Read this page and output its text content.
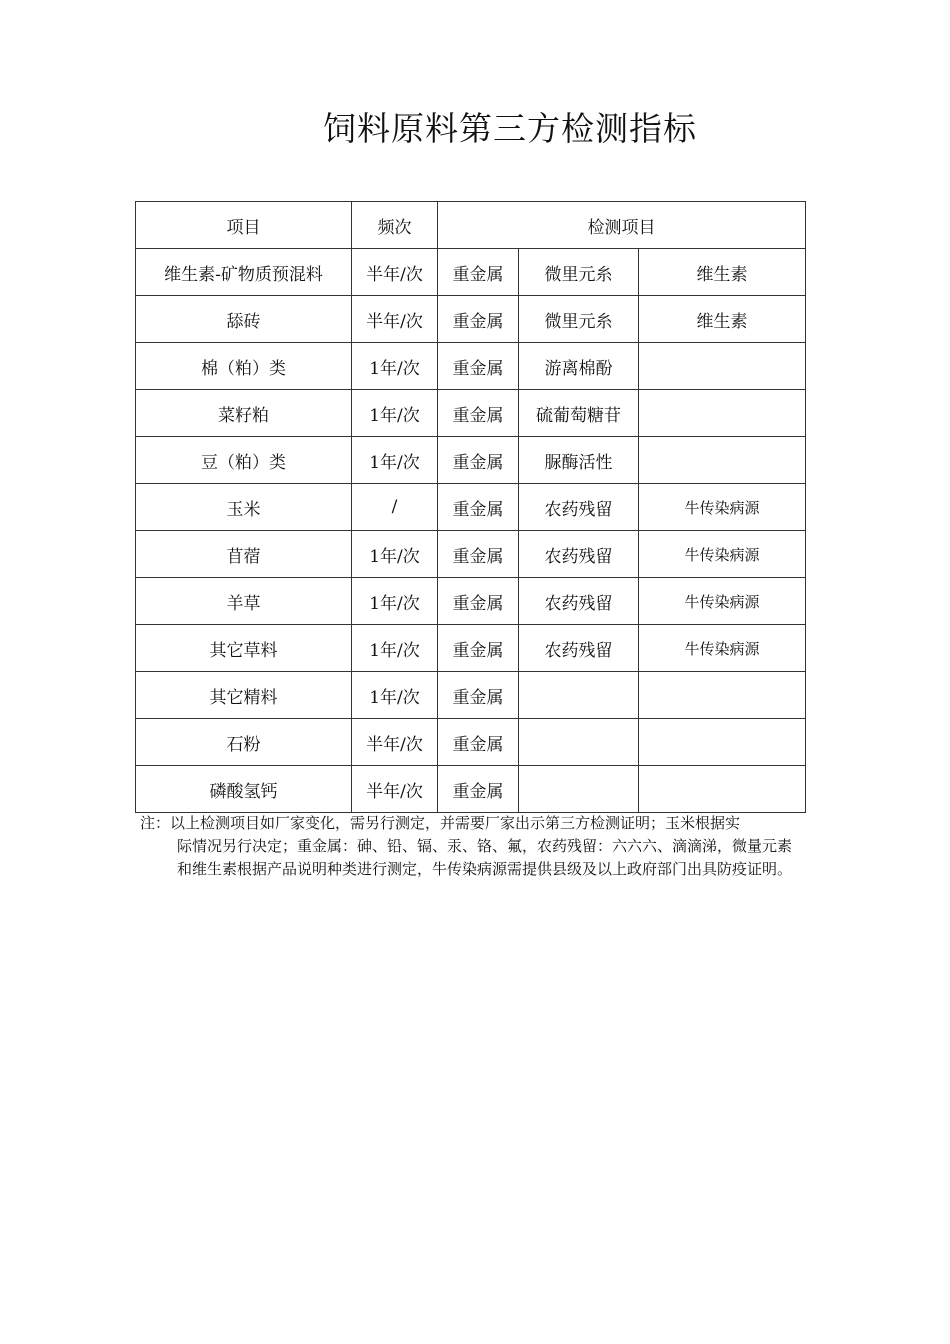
饲料原料第三方检测指标
项目	频次	检测项目		
维生素-矿物质预混料	半年/次	重金属	微里元糸	维生素
舔砖	半年/次	重金属	微里元糸	维生素
棉（粕）类	1年/次	重金属	游离棉酚	
菜籽粕	1年/次	重金属	硫葡萄糖苷	
豆（粕）类	1年/次	重金属	脲酶活性	
玉米	/	重金属	农药残留	牛传染病源
苜蓿	1年/次	重金属	农药残留	牛传染病源
羊草	1年/次	重金属	农药残留	牛传染病源
其它草料	1年/次	重金属	农药残留	牛传染病源
其它精料	1年/次	重金属		
石粉	半年/次	重金属		
磷酸氢钙	半年/次	重金属		
注：以上检测项目如厂家变化，需另行测定，并需要厂家出示第三方检测证明；玉米根据实
际情况另行决定；重金属：砷、铅、镉、汞、铬、氟，农药残留：六六六、滴滴涕，微量元素
和维生素根据产品说明种类进行测定，牛传染病源需提供县级及以上政府部门出具防疫证明。
